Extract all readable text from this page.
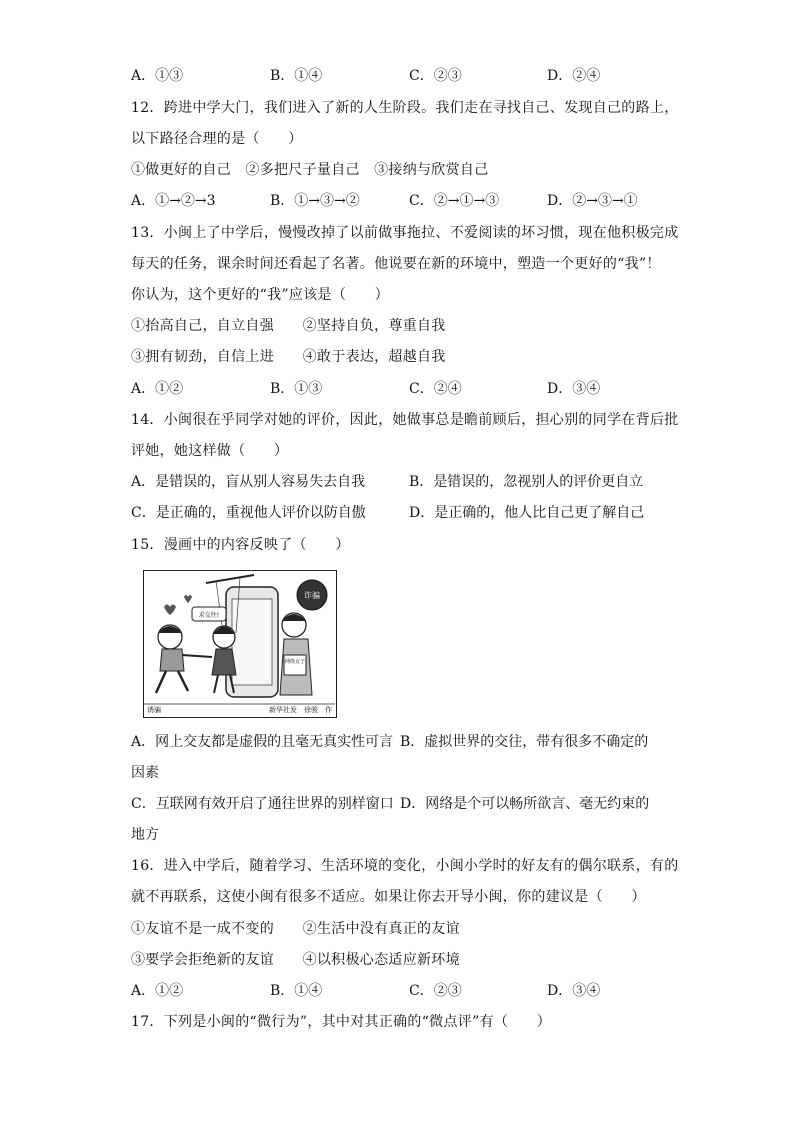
A．①③	B．①④	C．②③	D．②④
12．跨进中学大门，我们进入了新的人生阶段。我们走在寻找自己、发现自己的路上，
以下路径合理的是（　　）
①做更好的自己　②多把尺子量自己　③接纳与欣赏自己
A．①→②→3	B．①→③→②	C．②→①→③	D．②→③→①
13．小闽上了中学后，慢慢改掉了以前做事拖拉、不爱阅读的坏习惯，现在他积极完成
每天的任务，课余时间还看起了名著。他说要在新的环境中，塑造一个更好的“我”！
你认为，这个更好的“我”应该是（　　）
①抬高自己，自立自强　　②坚持自负，尊重自我
③拥有韧劲，自信上进　　④敢于表达，超越自我
A．①②	B．①③	C．②④	D．③④
14．小闽很在乎同学对她的评价，因此，她做事总是瞻前顾后，担心别的同学在背后批
评她，她这样做（　　）
A．是错误的，盲从别人容易失去自我	B．是错误的，忽视别人的评价更自立
C．是正确的，重视他人评价以防自傲	D．是正确的，他人比自己更了解自己
15．漫画中的内容反映了（　　）
求交往!
网络女子
诈骗
诱骗	新华社发　徐骏　作
A．网上交友都是虚假的且毫无真实性可言 B．虚拟世界的交往，带有很多不确定的
因素
C．互联网有效开启了通往世界的别样窗口 D．网络是个可以畅所欲言、毫无约束的
地方
16．进入中学后，随着学习、生活环境的变化，小闽小学时的好友有的偶尔联系，有的
就不再联系，这使小闽有很多不适应。如果让你去开导小闽，你的建议是（　　）
①友谊不是一成不变的　　②生活中没有真正的友谊
③要学会拒绝新的友谊　　④以积极心态适应新环境
A．①②	B．①④	C．②③	D．③④
17．下列是小闽的“微行为”，其中对其正确的“微点评”有（　　）
